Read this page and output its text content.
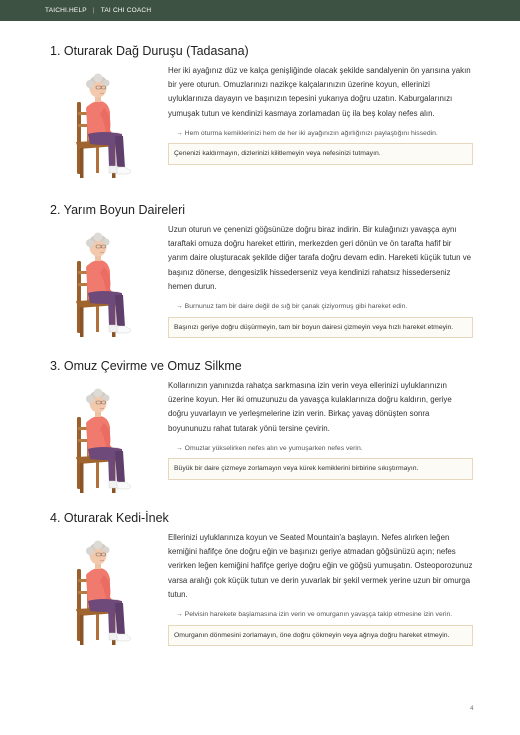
TAICHI.HELP | TAI CHI COACH
1. Oturarak Dağ Duruşu (Tadasana)

Her iki ayağınız düz ve kalça genişliğinde olacak şekilde sandalyenin ön yarısına yakın bir yere oturun. Omuzlarınızı nazikçe kalçalarınızın üzerine koyun, ellerinizi uyluklarınıza dayayın ve başınızın tepesini yukarıya doğru uzatın. Kaburgalarınızı yumuşak tutun ve kendinizi kasmaya zorlamadan üç ila beş kolay nefes alın.

→ Hem oturma kemiklerinizi hem de her iki ayağınızın ağırlığınızı paylaştığını hissedin.

Çenenizi kaldırmayın, dizlerinizi kilitlemeyin veya nefesinizi tutmayın.
2. Yarım Boyun Daireleri

Uzun oturun ve çenenizi göğsünüze doğru biraz indirin. Bir kulağınızı yavaşça aynı taraftaki omuza doğru hareket ettirin, merkezden geri dönün ve ön tarafta hafif bir yarım daire oluşturacak şekilde diğer tarafa doğru devam edin. Hareketi küçük tutun ve başınız döners‌e, dengesizlik hissederseniz veya kendinizi rahatsız hissederseniz hemen durun.

→ Burnunuz tam bir daire değil de sığ bir çanak çiziyormuş gibi hareket edin.

Başınızı geriye doğru düşürmeyin, tam bir boyun dairesi çizmeyin veya hızlı hareket etmeyin.
3. Omuz Çevirme ve Omuz Silkme

Kollarınızın yanınızda rahatça sarkmasına izin verin veya ellerinizi uyluklarınızın üzerine koyun. Her iki omuzunuzu da yavaşça kulaklarınıza doğru kaldırın, geriye doğru yuvarlayın ve yerleşmelerine izin verin. Birkaç yavaş dönüşten sonra boyununuzu rahat tutarak yönü tersine çevirin.

→ Omuzlar yükselirken nefes alın ve yumuşarken nefes verin.

Büyük bir daire çizmeye zorlamayın veya kürek kemiklerini birbirine sıkıştırmayın.
4. Oturarak Kedi-İnek

Ellerinizi uyluklarınıza koyun ve Seated Mountain'a başlayın. Nefes alırken leğen kemiğini hafifçe öne doğru eğin ve başınızı geriye atmadan göğsünüzü açın; nefes verirken leğen kemiğini hafifçe geriye doğru eğin ve göğsü yumuşatın. Osteoporozunuz varsa aralığı çok küçük tutun ve derin yuvarlak bir şekil vermek yerine uzun bir omurga tutun.

→ Pelvisin harekete başlamasına izin verin ve omurganın yavaşça takip etmesine izin verin.

Omurganın dönmesini zorlamayın, öne doğru çökmeyin veya ağrıya doğru hareket etmeyin.
4
